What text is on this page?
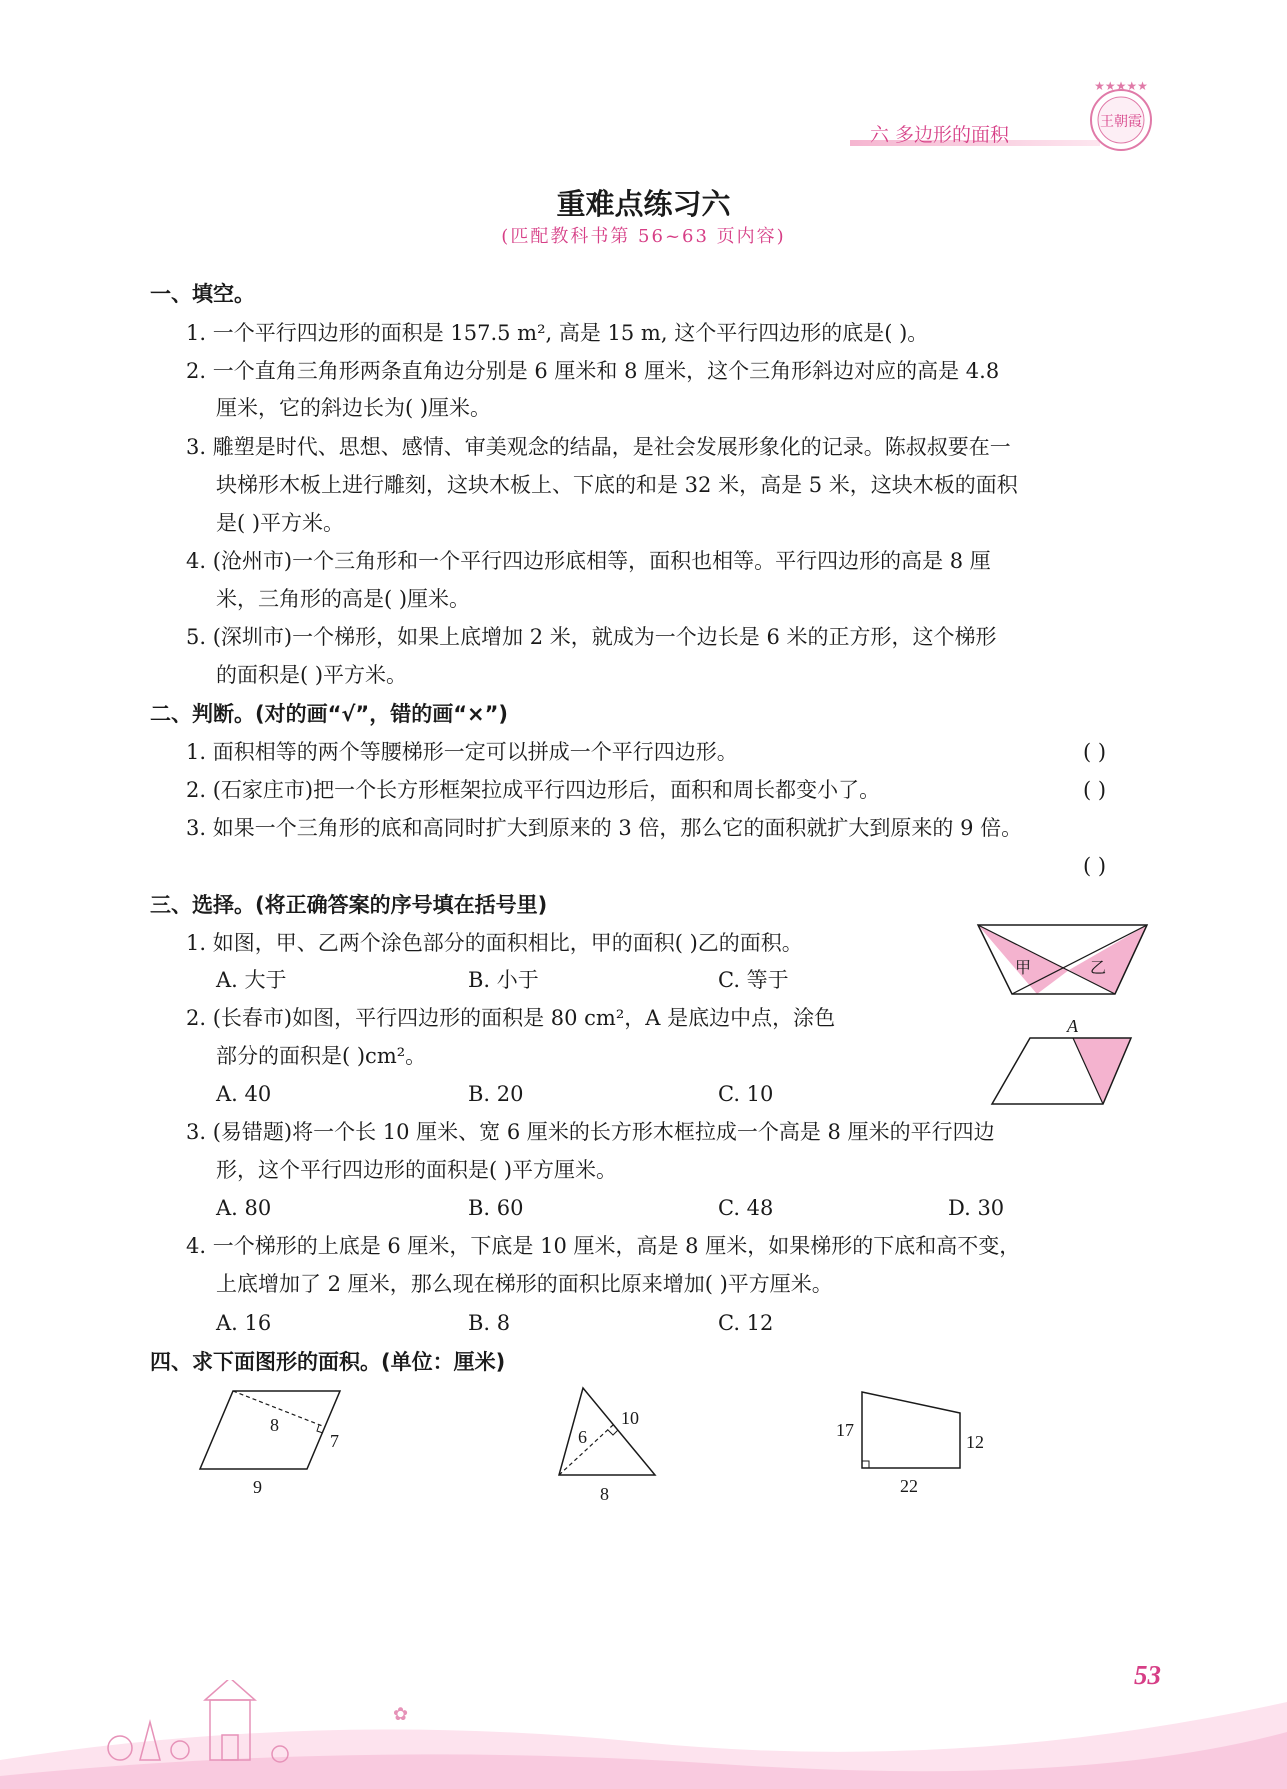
六 多边形的面积
★★★★★
王朝霞
重难点练习六
(匹配教科书第 56~63 页内容)
一、填空。
1. 一个平行四边形的面积是 157.5 m², 高是 15 m, 这个平行四边形的底是( )。
2. 一个直角三角形两条直角边分别是 6 厘米和 8 厘米，这个三角形斜边对应的高是 4.8
厘米，它的斜边长为( )厘米。
3. 雕塑是时代、思想、感情、审美观念的结晶，是社会发展形象化的记录。陈叔叔要在一
块梯形木板上进行雕刻，这块木板上、下底的和是 32 米，高是 5 米，这块木板的面积
是( )平方米。
4. (沧州市)一个三角形和一个平行四边形底相等，面积也相等。平行四边形的高是 8 厘
米，三角形的高是( )厘米。
5. (深圳市)一个梯形，如果上底增加 2 米，就成为一个边长是 6 米的正方形，这个梯形
的面积是( )平方米。
二、判断。(对的画“√”，错的画“×”)
1. 面积相等的两个等腰梯形一定可以拼成一个平行四边形。	( )
2. (石家庄市)把一个长方形框架拉成平行四边形后，面积和周长都变小了。	( )
3. 如果一个三角形的底和高同时扩大到原来的 3 倍，那么它的面积就扩大到原来的 9 倍。
( )
三、选择。(将正确答案的序号填在括号里)
1. 如图，甲、乙两个涂色部分的面积相比，甲的面积( )乙的面积。
A. 大于	B. 小于	C. 等于
甲	乙
2. (长春市)如图，平行四边形的面积是 80 cm²，A 是底边中点，涂色
部分的面积是( )cm²。
A. 40	B. 20	C. 10
A
3. (易错题)将一个长 10 厘米、宽 6 厘米的长方形木框拉成一个高是 8 厘米的平行四边
形，这个平行四边形的面积是( )平方厘米。
A. 80	B. 60	C. 48	D. 30
4. 一个梯形的上底是 6 厘米，下底是 10 厘米，高是 8 厘米，如果梯形的下底和高不变，
上底增加了 2 厘米，那么现在梯形的面积比原来增加( )平方厘米。
A. 16	B. 8	C. 12
四、求下面图形的面积。(单位：厘米)
8
7
9
6
10
8
17
12
22
✿
53
